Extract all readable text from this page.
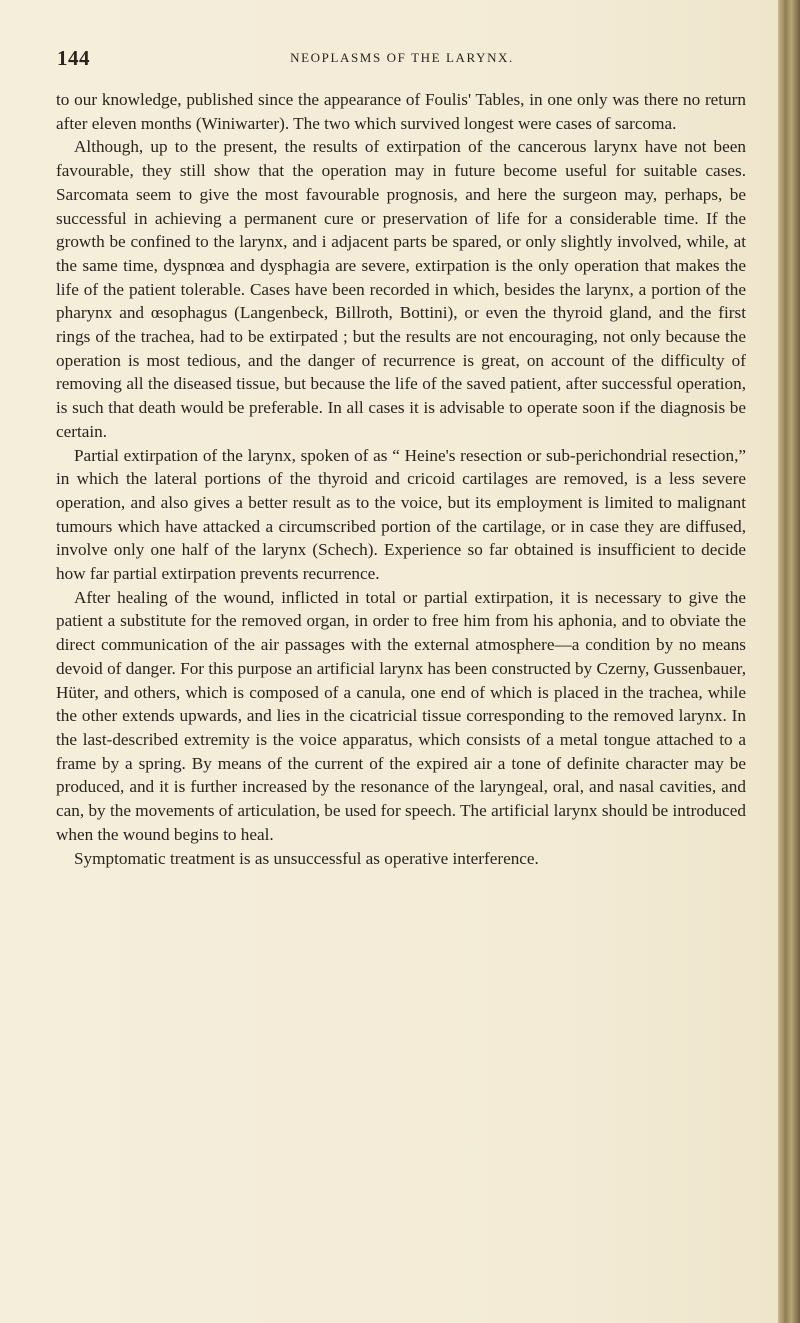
144	NEOPLASMS OF THE LARYNX.

to our knowledge, published since the appearance of Foulis' Tables, in one only was there no return after eleven months (Winiwarter). The two which survived longest were cases of sarcoma.

Although, up to the present, the results of extirpation of the cancerous larynx have not been favourable, they still show that the operation may in future become useful for suitable cases. Sarcomata seem to give the most favourable prognosis, and here the surgeon may, perhaps, be successful in achieving a permanent cure or preservation of life for a considerable time. If the growth be confined to the larynx, and i adjacent parts be spared, or only slightly involved, while, at the same time, dyspnœa and dysphagia are severe, extirpation is the only operation that makes the life of the patient tolerable. Cases have been recorded in which, besides the larynx, a portion of the pharynx and œsophagus (Langenbeck, Billroth, Bottini), or even the thyroid gland, and the first rings of the trachea, had to be extirpated ; but the results are not encouraging, not only because the operation is most tedious, and the danger of recurrence is great, on account of the difficulty of removing all the diseased tissue, but because the life of the saved patient, after successful operation, is such that death would be preferable. In all cases it is advisable to operate soon if the diagnosis be certain.

Partial extirpation of the larynx, spoken of as “ Heine's resection or sub-perichondrial resection,” in which the lateral portions of the thyroid and cricoid cartilages are removed, is a less severe operation, and also gives a better result as to the voice, but its employment is limited to malignant tumours which have attacked a circumscribed portion of the cartilage, or in case they are diffused, involve only one half of the larynx (Schech). Experience so far obtained is insufficient to decide how far partial extirpation prevents recurrence.

After healing of the wound, inflicted in total or partial extirpation, it is necessary to give the patient a substitute for the removed organ, in order to free him from his aphonia, and to obviate the direct communication of the air passages with the external atmosphere—a condition by no means devoid of danger. For this purpose an artificial larynx has been constructed by Czerny, Gussenbauer, Hüter, and others, which is composed of a canula, one end of which is placed in the trachea, while the other extends upwards, and lies in the cicatricial tissue corresponding to the removed larynx. In the last-described extremity is the voice apparatus, which consists of a metal tongue attached to a frame by a spring. By means of the current of the expired air a tone of definite character may be produced, and it is further increased by the resonance of the laryngeal, oral, and nasal cavities, and can, by the movements of articulation, be used for speech. The artificial larynx should be introduced when the wound begins to heal.

Symptomatic treatment is as unsuccessful as operative interference.
